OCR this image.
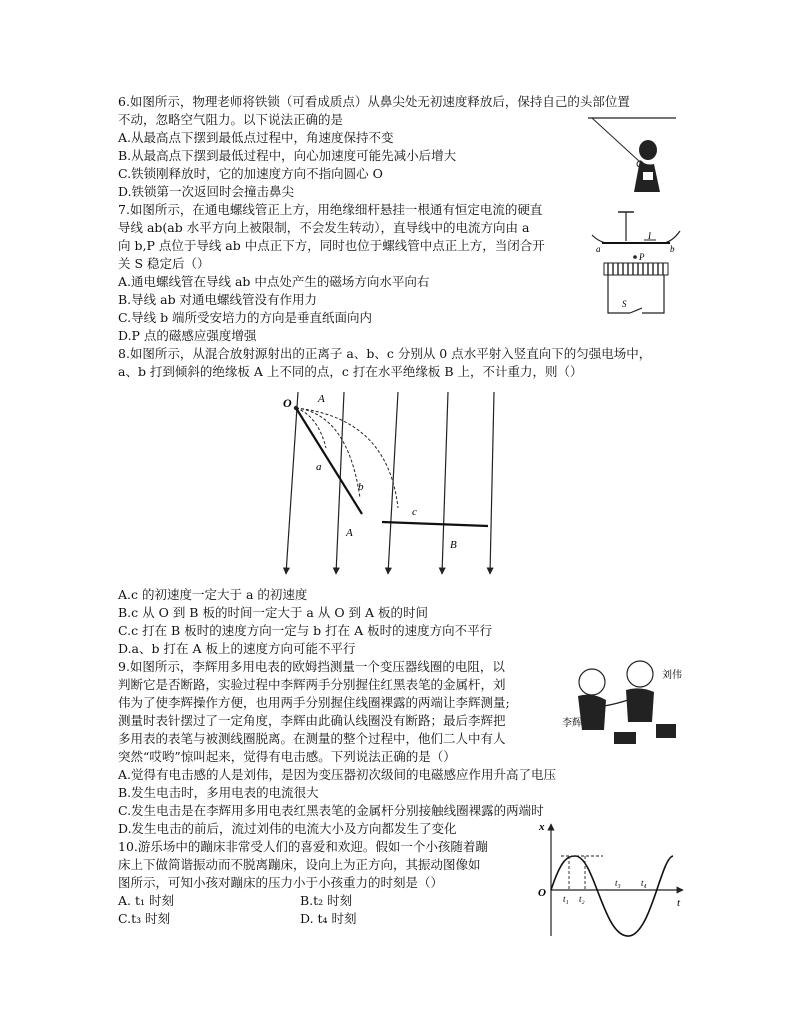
6.如图所示，物理老师将铁锁（可看成质点）从鼻尖处无初速度释放后，保持自己的头部位置
不动，忽略空气阻力。以下说法正确的是
A.从最高点下摆到最低点过程中，角速度保持不变
B.从最高点下摆到最低过程中，向心加速度可能先减小后增大
C.铁锁刚释放时，它的加速度方向不指向圆心 O
D.铁锁第一次返回时会撞击鼻尖
7.如图所示，在通电螺线管正上方，用绝缘细杆悬挂一根通有恒定电流的硬直
导线 ab(ab 水平方向上被限制，不会发生转动），直导线中的电流方向由 a
向 b,P 点位于导线 ab 中点正下方，同时也位于螺线管中点正上方，当闭合开
关 S 稳定后（）
A.通电螺线管在导线 ab 中点处产生的磁场方向水平向右
B.导线 ab 对通电螺线管没有作用力
C.导线 b 端所受安培力的方向是垂直纸面向内
D.P 点的磁感应强度增强
a	b
I
P
S
8.如图所示，从混合放射源射出的正离子 a、b、c 分别从 0 点水平射入竖直向下的匀强电场中，
a、b 打到倾斜的绝缘板 A 上不同的点，c 打在水平绝缘板 B 上，不计重力，则（）
O A
a
b
A
c
B
A.c 的初速度一定大于 a 的初速度
B.c 从 O 到 B 板的时间一定大于 a 从 O 到 A 板的时间
C.c 打在 B 板时的速度方向一定与 b 打在 A 板时的速度方向不平行
D.a、b 打在 A 板上的速度方向可能不平行
9.如图所示，李辉用多用电表的欧姆挡测量一个变压器线圈的电阻，以
判断它是否断路，实验过程中李辉两手分别握住红黑表笔的金属杆，刘
伟为了使李辉操作方便，也用两手分别握住线圈裸露的两端让李辉测量;
测量时表针摆过了一定角度，李辉由此确认线圈没有断路；最后李辉把
多用表的表笔与被测线圈脱离。在测量的整个过程中，他们二人中有人
突然“哎哟”惊叫起来，觉得有电击感。下列说法正确的是（）
李辉
刘伟
A.觉得有电击感的人是刘伟，是因为变压器初次级间的电磁感应作用升高了电压
B.发生电击时，多用电表的电流很大
C.发生电击是在李辉用多用电表红黑表笔的金属杆分别接触线圈裸露的两端时
D.发生电击的前后，流过刘伟的电流大小及方向都发生了变化
10.游乐场中的蹦床非常受人们的喜爱和欢迎。假如一个小孩随着蹦
床上下做简谐振动而不脱离蹦床，设向上为正方向，其振动图像如
图所示，可知小孩对蹦床的压力小于小孩重力的时刻是（）
A. t₁ 时刻	B.t₂ 时刻
C.t₃ 时刻	D. t₄ 时刻
x
t
O t₁ t₂
t₃ t₄
